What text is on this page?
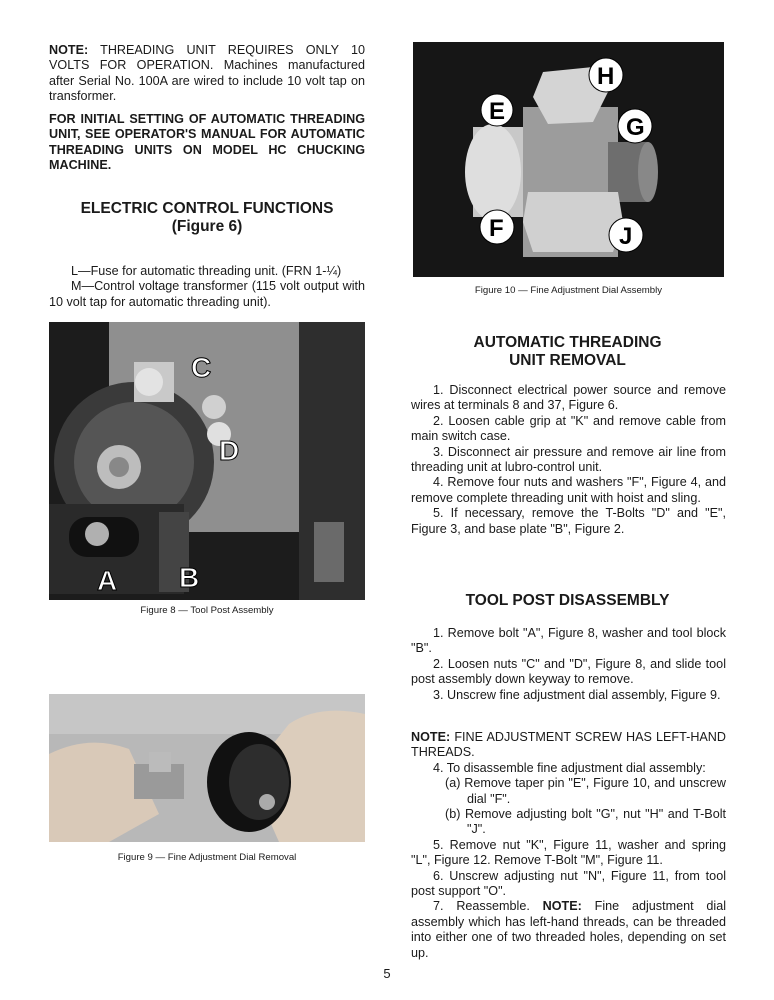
NOTE: THREADING UNIT REQUIRES ONLY 10 VOLTS FOR OPERATION. Machines manufactured after Serial No. 100A are wired to include 10 volt tap on transformer.
FOR INITIAL SETTING OF AUTOMATIC THREADING UNIT, SEE OPERATOR'S MANUAL FOR AUTOMATIC THREADING UNITS ON MODEL HC CHUCKING MACHINE.
ELECTRIC CONTROL FUNCTIONS
(Figure 6)

L—Fuse for automatic threading unit. (FRN 1-¼)

M—Control voltage transformer (115 volt output with 10 volt tap for automatic threading unit).

C
D
A B
Figure 8 — Tool Post Assembly
Figure 9 — Fine Adjustment Dial Removal
H
E
G
F	J
Figure 10 — Fine Adjustment Dial Assembly
AUTOMATIC THREADING
UNIT REMOVAL

1. Disconnect electrical power source and remove wires at terminals 8 and 37, Figure 6.

2. Loosen cable grip at "K" and remove cable from main switch case.

3. Disconnect air pressure and remove air line from threading unit at lubro-control unit.

4. Remove four nuts and washers "F", Figure 4, and remove complete threading unit with hoist and sling.

5. If necessary, remove the T-Bolts "D" and "E", Figure 3, and base plate "B", Figure 2.

TOOL POST DISASSEMBLY

1. Remove bolt "A", Figure 8, washer and tool block "B".

2. Loosen nuts "C" and "D", Figure 8, and slide tool post assembly down keyway to remove.

3. Unscrew fine adjustment dial assembly, Figure 9.

NOTE: FINE ADJUSTMENT SCREW HAS LEFT-HAND THREADS.

4. To disassemble fine adjustment dial assembly:

(a) Remove taper pin "E", Figure 10, and unscrew dial "F".

(b) Remove adjusting bolt "G", nut "H" and T-Bolt "J".

5. Remove nut "K", Figure 11, washer and spring "L", Figure 12. Remove T-Bolt "M", Figure 11.

6. Unscrew adjusting nut "N", Figure 11, from tool post support "O".

7. Reassemble. NOTE: Fine adjustment dial assembly which has left-hand threads, can be threaded into either one of two threaded holes, depending on set up.

5
